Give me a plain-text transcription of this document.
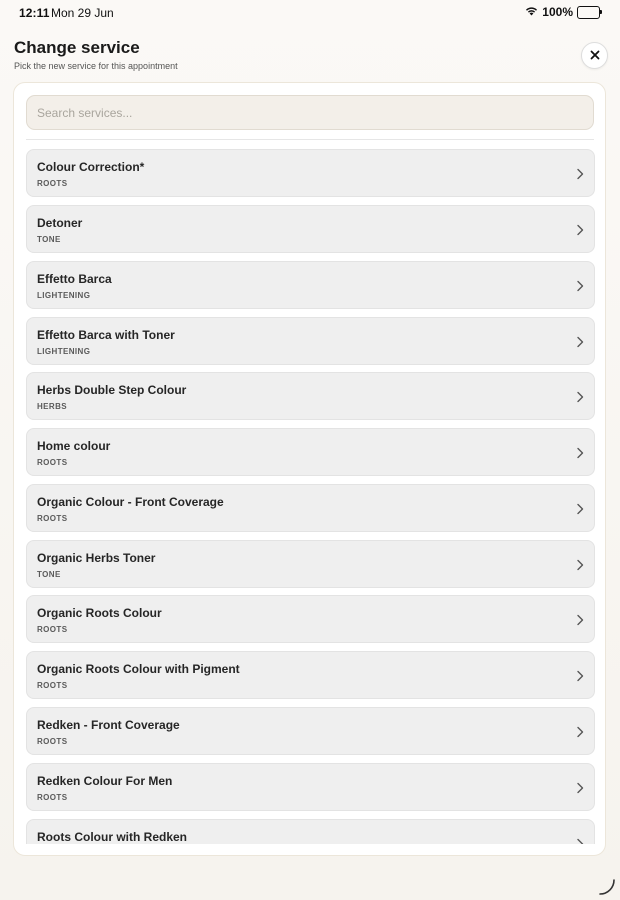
12:11 Mon 29 Jun	100%
Change service
Pick the new service for this appointment
Search services...
Colour Correction*
ROOTS
Detoner
TONE
Effetto Barca
LIGHTENING
Effetto Barca with Toner
LIGHTENING
Herbs Double Step Colour
HERBS
Home colour
ROOTS
Organic Colour - Front Coverage
ROOTS
Organic Herbs Toner
TONE
Organic Roots Colour
ROOTS
Organic Roots Colour with Pigment
ROOTS
Redken - Front Coverage
ROOTS
Redken Colour For Men
ROOTS
Roots Colour with Redken
